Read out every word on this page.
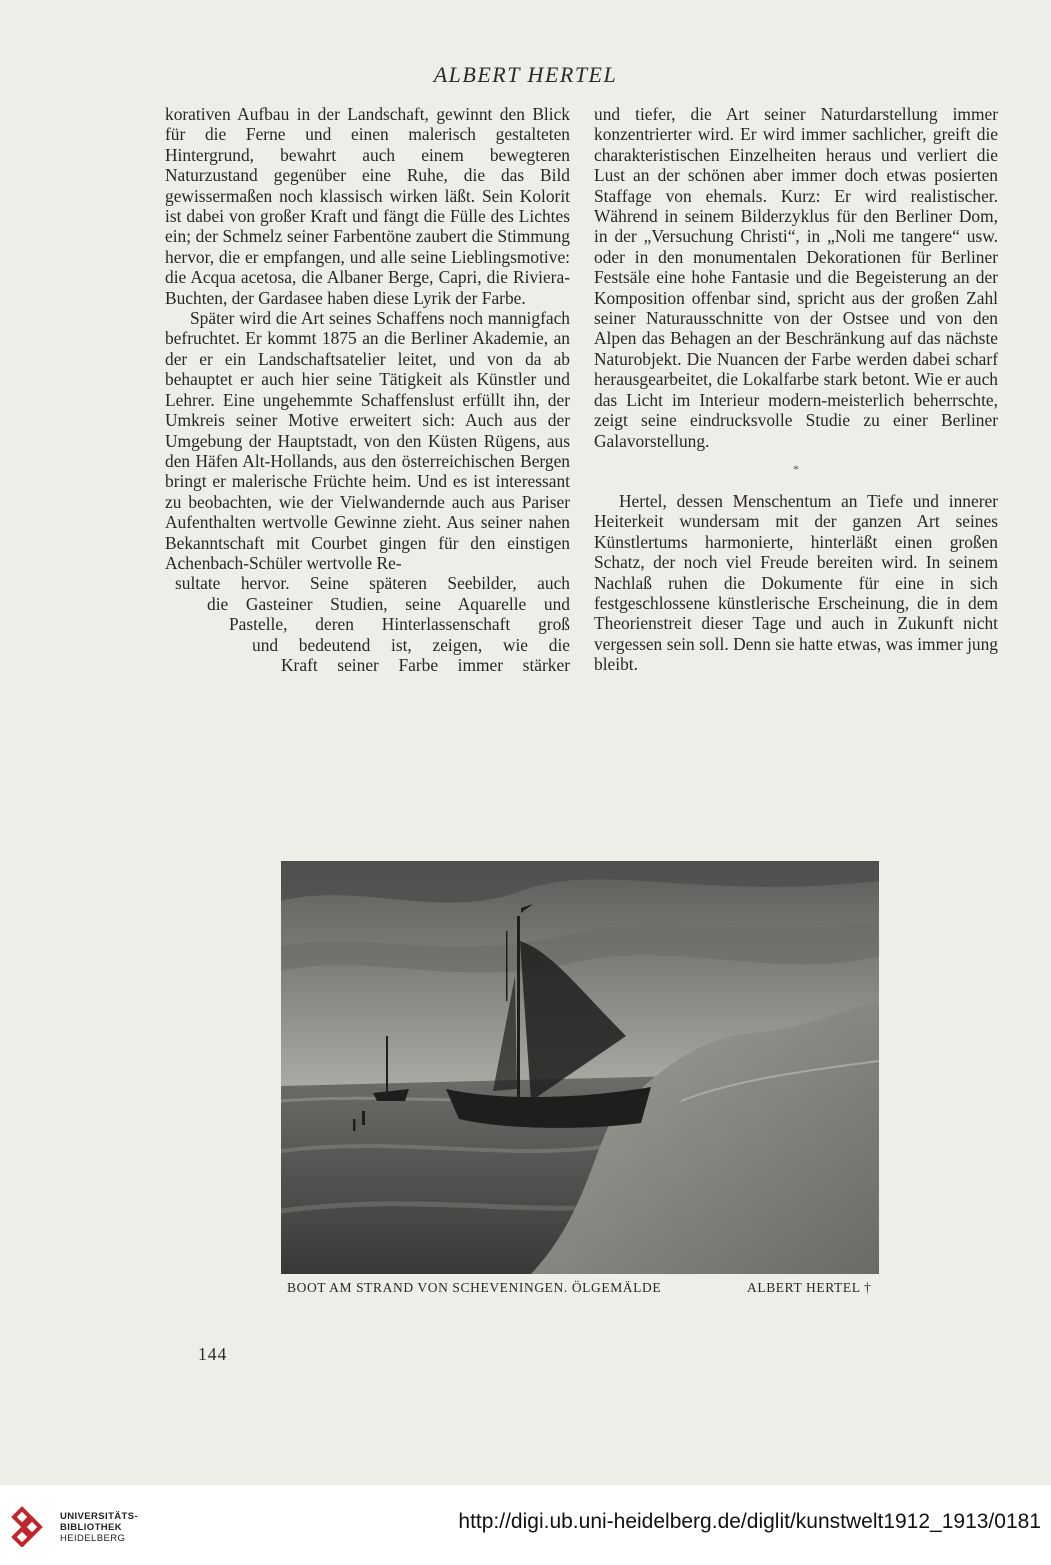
ALBERT HERTEL

korativen Aufbau in der Landschaft, gewinnt den Blick für die Ferne und einen malerisch gestalteten Hintergrund, bewahrt auch einem bewegteren Naturzustand gegenüber eine Ruhe, die das Bild gewissermaßen noch klassisch wirken läßt. Sein Kolorit ist dabei von großer Kraft und fängt die Fülle des Lichtes ein; der Schmelz seiner Farbentöne zaubert die Stimmung hervor, die er empfangen, und alle seine Lieblingsmotive: die Acqua acetosa, die Albaner Berge, Capri, die Riviera-Buchten, der Gardasee haben diese Lyrik der Farbe.

Später wird die Art seines Schaffens noch mannigfach befruchtet. Er kommt 1875 an die Berliner Akademie, an der er ein Landschaftsatelier leitet, und von da ab behauptet er auch hier seine Tätigkeit als Künstler und Lehrer. Eine ungehemmte Schaffenslust erfüllt ihn, der Umkreis seiner Motive erweitert sich: Auch aus der Umgebung der Hauptstadt, von den Küsten Rügens, aus den Häfen Alt-Hollands, aus den österreichischen Bergen bringt er malerische Früchte heim. Und es ist interessant zu beobachten, wie der Vielwandernde auch aus Pariser Aufenthalten wertvolle Gewinne zieht. Aus seiner nahen Bekanntschaft mit Courbet gingen für den einstigen Achenbach-Schüler wertvolle Re-

sultate hervor. Seine späteren Seebilder, auch

die Gasteiner Studien, seine Aquarelle und

Pastelle, deren Hinterlassenschaft groß

und bedeutend ist, zeigen, wie die

Kraft seiner Farbe immer stärker

und tiefer, die Art seiner Naturdarstellung immer konzentrierter wird. Er wird immer sachlicher, greift die charakteristischen Einzelheiten heraus und verliert die Lust an der schönen aber immer doch etwas posierten Staffage von ehemals. Kurz: Er wird realistischer. Während in seinem Bilderzyklus für den Berliner Dom, in der „Versuchung Christi“, in „Noli me tangere“ usw. oder in den monumentalen Dekorationen für Berliner Festsäle eine hohe Fantasie und die Begeisterung an der Komposition offenbar sind, spricht aus der großen Zahl seiner Naturausschnitte von der Ostsee und von den Alpen das Behagen an der Beschränkung auf das nächste Naturobjekt. Die Nuancen der Farbe werden dabei scharf herausgearbeitet, die Lokalfarbe stark betont. Wie er auch das Licht im Interieur modern-meisterlich beherrschte, zeigt seine eindrucksvolle Studie zu einer Berliner Galavorstellung.

*

Hertel, dessen Menschentum an Tiefe und innerer Heiterkeit wundersam mit der ganzen Art seines Künstlertums harmonierte, hinterläßt einen großen Schatz, der noch viel Freude bereiten wird. In seinem Nachlaß ruhen die Dokumente für eine in sich festgeschlossene künstlerische Erscheinung, die in dem Theorienstreit dieser Tage und auch in Zukunft nicht vergessen sein soll. Denn sie hatte etwas, was immer jung bleibt.

BOOT AM STRAND VON SCHEVENINGEN. ÖLGEMÄLDE	ALBERT HERTEL †
144
UNIVERSITÄTS-
BIBLIOTHEK
HEIDELBERG
http://digi.ub.uni-heidelberg.de/diglit/kunstwelt1912_1913/0181
